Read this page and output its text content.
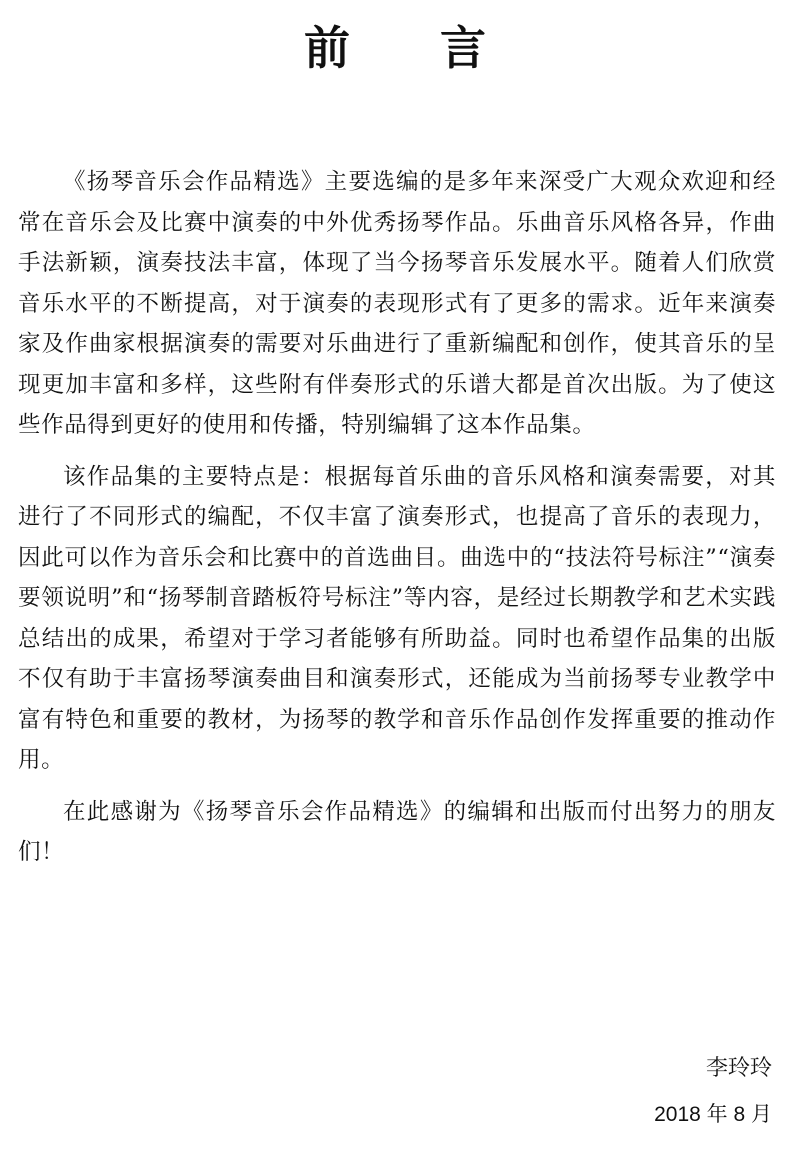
前言

《扬琴音乐会作品精选》主要选编的是多年来深受广大观众欢迎和经常在音乐会及比赛中演奏的中外优秀扬琴作品。乐曲音乐风格各异，作曲手法新颖，演奏技法丰富，体现了当今扬琴音乐发展水平。随着人们欣赏音乐水平的不断提高，对于演奏的表现形式有了更多的需求。近年来演奏家及作曲家根据演奏的需要对乐曲进行了重新编配和创作，使其音乐的呈现更加丰富和多样，这些附有伴奏形式的乐谱大都是首次出版。为了使这些作品得到更好的使用和传播，特别编辑了这本作品集。

该作品集的主要特点是：根据每首乐曲的音乐风格和演奏需要，对其进行了不同形式的编配，不仅丰富了演奏形式，也提高了音乐的表现力，因此可以作为音乐会和比赛中的首选曲目。曲选中的“技法符号标注”“演奏要领说明”和“扬琴制音踏板符号标注”等内容，是经过长期教学和艺术实践总结出的成果，希望对于学习者能够有所助益。同时也希望作品集的出版不仅有助于丰富扬琴演奏曲目和演奏形式，还能成为当前扬琴专业教学中富有特色和重要的教材，为扬琴的教学和音乐作品创作发挥重要的推动作用。

在此感谢为《扬琴音乐会作品精选》的编辑和出版而付出努力的朋友们！

李玲玲
2018 年 8 月
